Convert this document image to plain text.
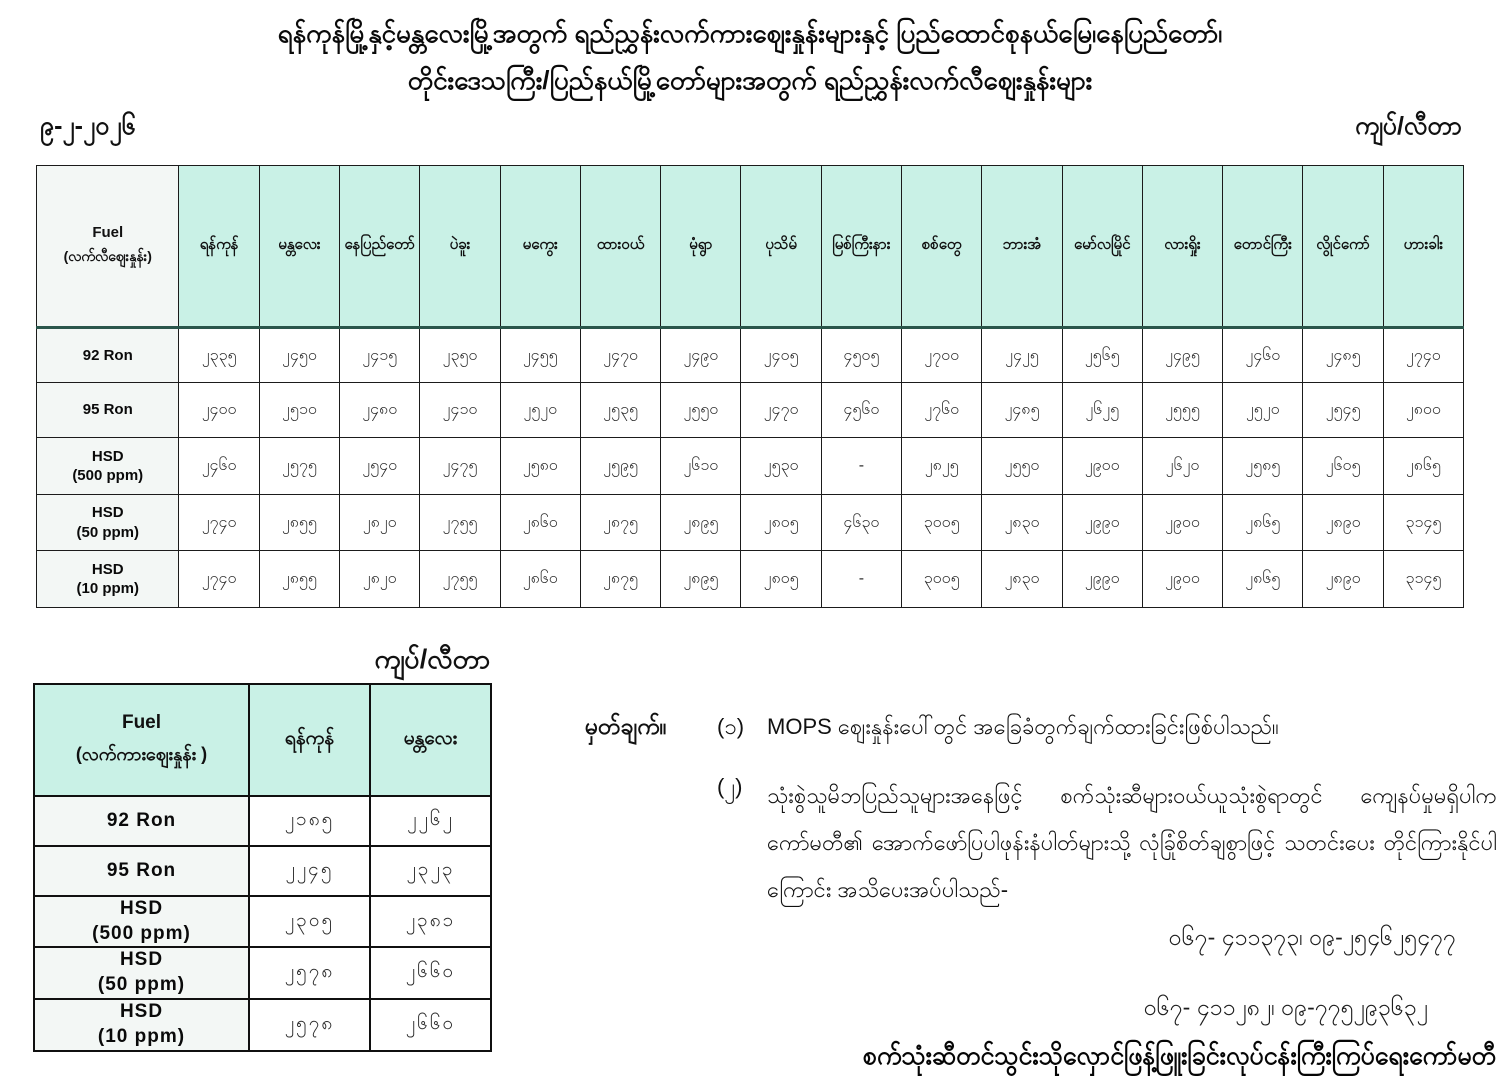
ရန်ကုန်မြို့နှင့်မန္တလေးမြို့အတွက် ရည်ညွှန်းလက်ကားဈေးနှုန်းများနှင့် ပြည်ထောင်စုနယ်မြေ၊နေပြည်တော်၊
တိုင်းဒေသကြီး/ပြည်နယ်မြို့တော်များအတွက် ရည်ညွှန်းလက်လီဈေးနှုန်းများ
၉-၂-၂၀၂၆	ကျပ်/လီတာ
Fuel
(လက်လီဈေးနှုန်း)	ရန်ကုန်	မန္တလေး	နေပြည်တော်	ပဲခူး	မကွေး	ထားဝယ်	မုံရွာ	ပုသိမ်	မြစ်ကြီးနား	စစ်တွေ	ဘားအံ	မော်လမြိုင်	လားရှိုး	တောင်ကြီး	လွိုင်ကော်	ဟားခါး
92 Ron	၂၃၃၅	၂၄၅၀	၂၄၁၅	၂၃၅၀	၂၄၅၅	၂၄၇၀	၂၄၉၀	၂၄၀၅	၄၅၀၅	၂၇၀၀	၂၄၂၅	၂၅၆၅	၂၄၉၅	၂၄၆၀	၂၄၈၅	၂၇၄၀
95 Ron	၂၄၀၀	၂၅၁၀	၂၄၈၀	၂၄၁၀	၂၅၂၀	၂၅၃၅	၂၅၅၀	၂၄၇၀	၄၅၆၀	၂၇၆၀	၂၄၈၅	၂၆၂၅	၂၅၅၅	၂၅၂၀	၂၅၄၅	၂၈၀၀
HSD
(500 ppm)	၂၄၆၀	၂၅၇၅	၂၅၄၀	၂၄၇၅	၂၅၈၀	၂၅၉၅	၂၆၁၀	၂၅၃၀	-	၂၈၂၅	၂၅၅၀	၂၉၀၀	၂၆၂၀	၂၅၈၅	၂၆၀၅	၂၈၆၅
HSD
(50 ppm)	၂၇၄၀	၂၈၅၅	၂၈၂၀	၂၇၅၅	၂၈၆၀	၂၈၇၅	၂၈၉၅	၂၈၀၅	၄၆၃၀	၃၀၀၅	၂၈၃၀	၂၉၉၀	၂၉၀၀	၂၈၆၅	၂၈၉၀	၃၁၄၅
HSD
(10 ppm)	၂၇၄၀	၂၈၅၅	၂၈၂၀	၂၇၅၅	၂၈၆၀	၂၈၇၅	၂၈၉၅	၂၈၀၅	-	၃၀၀၅	၂၈၃၀	၂၉၉၀	၂၉၀၀	၂၈၆၅	၂၈၉၀	၃၁၄၅
ကျပ်/လီတာ
Fuel
(လက်ကားဈေးနှုန်း )	ရန်ကုန်	မန္တလေး
92 Ron	၂၁၈၅	၂၂၆၂
95 Ron	၂၂၄၅	၂၃၂၃
HSD
(500 ppm)	၂၃၀၅	၂၃၈၁
HSD
(50 ppm)	၂၅၇၈	၂၆၆၀
HSD
(10 ppm)	၂၅၇၈	၂၆၆၀
မှတ်ချက်။	(၁)	MOPS ဈေးနှုန်းပေါ်တွင် အခြေခံတွက်ချက်ထားခြင်းဖြစ်ပါသည်။
(၂)	သုံးစွဲသူမိဘပြည်သူများအနေဖြင့် စက်သုံးဆီများဝယ်ယူသုံးစွဲရာတွင် ကျေနပ်မှုမရှိပါက ကော်မတီ၏ အောက်ဖော်ပြပါဖုန်းနံပါတ်များသို့ လုံခြုံစိတ်ချစွာဖြင့် သတင်းပေး တိုင်ကြားနိုင်ပါကြောင်း အသိပေးအပ်ပါသည်-
၀၆၇- ၄၁၁၃၇၃၊ ၀၉-၂၅၄၆၂၅၄၇၇
၀၆၇- ၄၁၁၂၈၂၊ ၀၉-၇၇၅၂၉၃၆၃၂
စက်သုံးဆီတင်သွင်းသိုလှောင်ဖြန့်ဖြူးခြင်းလုပ်ငန်းကြီးကြပ်ရေးကော်မတီ
